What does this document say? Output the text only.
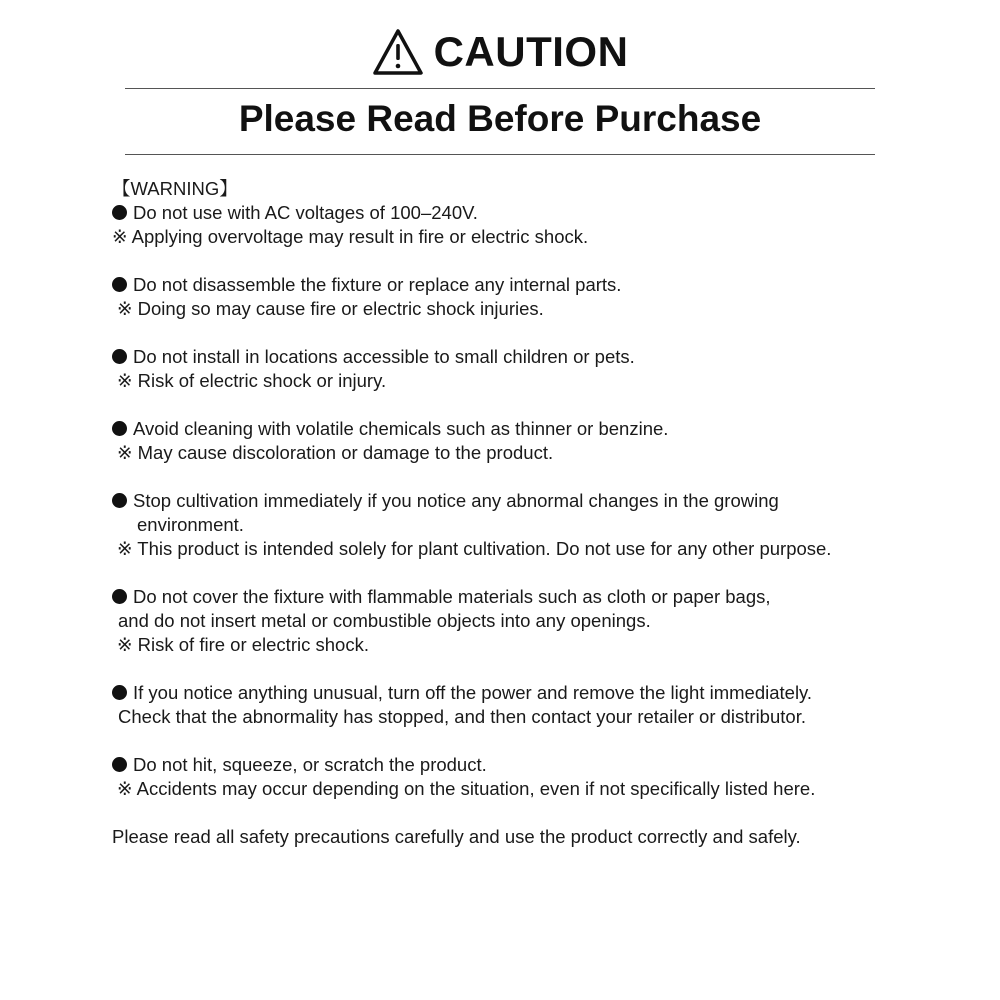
CAUTION
Please Read Before Purchase
【WARNING】
Do not use with AC voltages of 100–240V.
※ Applying overvoltage may result in fire or electric shock.
Do not disassemble the fixture or replace any internal parts.
※ Doing so may cause fire or electric shock injuries.
Do not install in locations accessible to small children or pets.
※ Risk of electric shock or injury.
Avoid cleaning with volatile chemicals such as thinner or benzine.
※ May cause discoloration or damage to the product.
Stop cultivation immediately if you notice any abnormal changes in the growing
environment.
※ This product is intended solely for plant cultivation. Do not use for any other purpose.
Do not cover the fixture with flammable materials such as cloth or paper bags,
and do not insert metal or combustible objects into any openings.
※ Risk of fire or electric shock.
If you notice anything unusual, turn off the power and remove the light immediately.
Check that the abnormality has stopped, and then contact your retailer or distributor.
Do not hit, squeeze, or scratch the product.
※ Accidents may occur depending on the situation, even if not specifically listed here.
Please read all safety precautions carefully and use the product correctly and safely.
